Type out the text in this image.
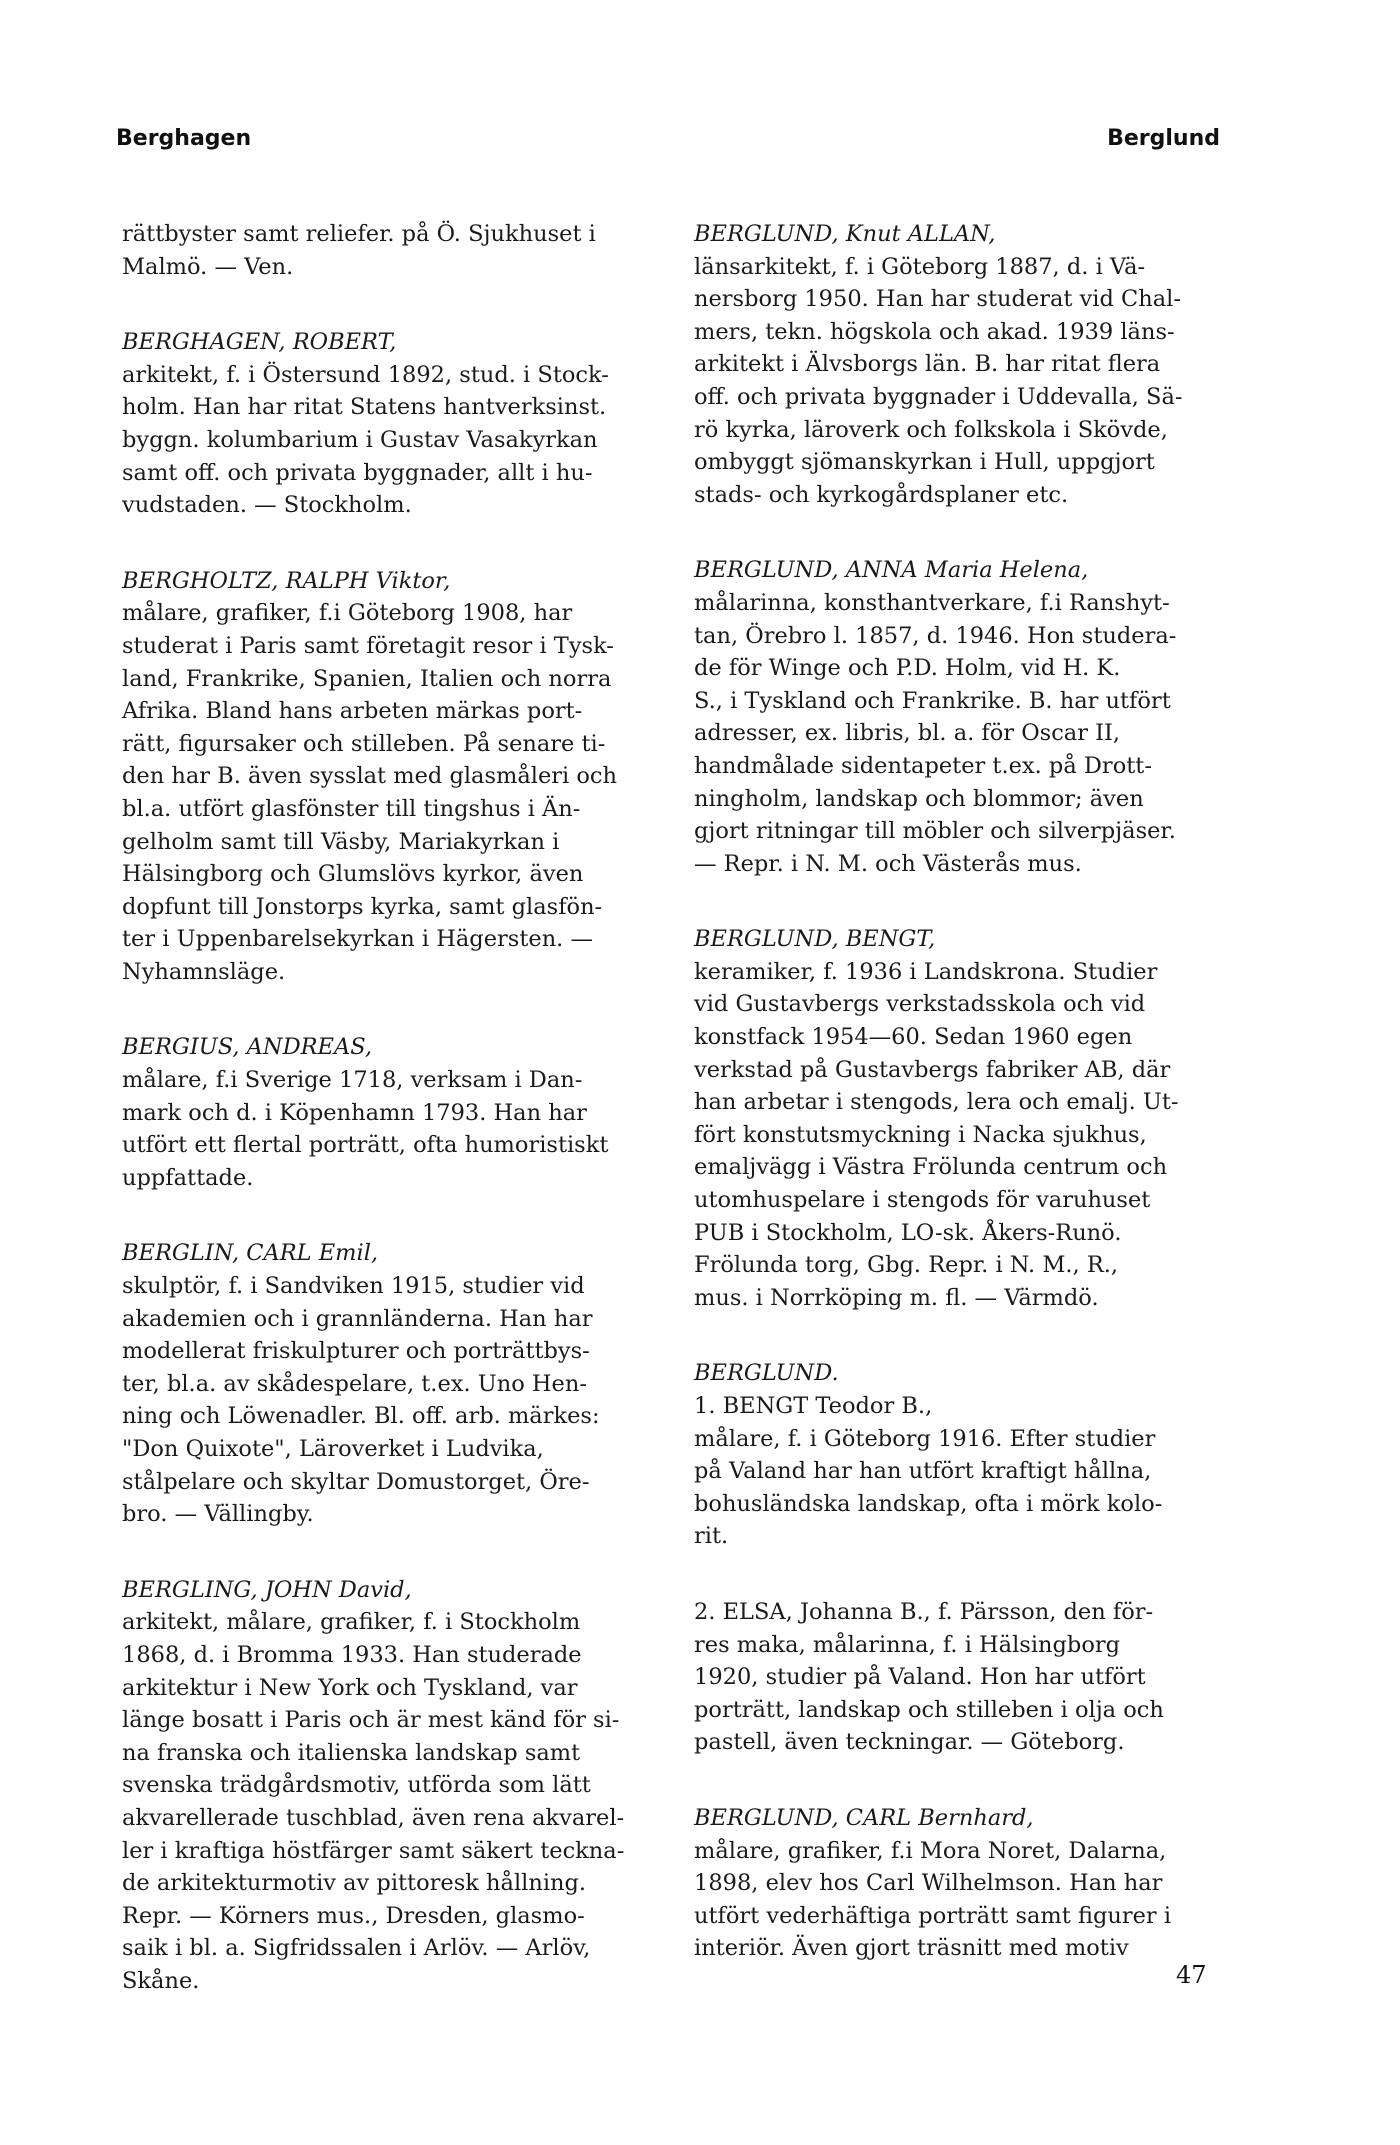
Berghagen	Berglund
rättbyster samt reliefer. på Ö. Sjukhuset i
Malmö. — Ven.
BERGHAGEN, ROBERT,
arkitekt, f. i Östersund 1892, stud. i Stock-
holm. Han har ritat Statens hantverksinst.
byggn. kolumbarium i Gustav Vasakyrkan
samt off. och privata byggnader, allt i hu-
vudstaden. — Stockholm.
BERGHOLTZ, RALPH Viktor,
målare, grafiker, f.i Göteborg 1908, har
studerat i Paris samt företagit resor i Tysk-
land, Frankrike, Spanien, Italien och norra
Afrika. Bland hans arbeten märkas port-
rätt, figursaker och stilleben. På senare ti-
den har B. även sysslat med glasmåleri och
bl.a. utfört glasfönster till tingshus i Än-
gelholm samt till Väsby, Mariakyrkan i
Hälsingborg och Glumslövs kyrkor, även
dopfunt till Jonstorps kyrka, samt glasfön-
ter i Uppenbarelsekyrkan i Hägersten. —
Nyhamnsläge.
BERGIUS, ANDREAS,
målare, f.i Sverige 1718, verksam i Dan-
mark och d. i Köpenhamn 1793. Han har
utfört ett flertal porträtt, ofta humoristiskt
uppfattade.
BERGLIN, CARL Emil,
skulptör, f. i Sandviken 1915, studier vid
akademien och i grannländerna. Han har
modellerat friskulpturer och porträttbys-
ter, bl.a. av skådespelare, t.ex. Uno Hen-
ning och Löwenadler. Bl. off. arb. märkes:
"Don Quixote", Läroverket i Ludvika,
stålpelare och skyltar Domustorget, Öre-
bro. — Vällingby.
BERGLING, JOHN David,
arkitekt, målare, grafiker, f. i Stockholm
1868, d. i Bromma 1933. Han studerade
arkitektur i New York och Tyskland, var
länge bosatt i Paris och är mest känd för si-
na franska och italienska landskap samt
svenska trädgårdsmotiv, utförda som lätt
akvarellerade tuschblad, även rena akvarel-
ler i kraftiga höstfärger samt säkert teckna-
de arkitekturmotiv av pittoresk hållning.
Repr. — Körners mus., Dresden, glasmo-
saik i bl. a. Sigfridssalen i Arlöv. — Arlöv,
Skåne.
BERGLUND, Knut ALLAN,
länsarkitekt, f. i Göteborg 1887, d. i Vä-
nersborg 1950. Han har studerat vid Chal-
mers, tekn. högskola och akad. 1939 läns-
arkitekt i Älvsborgs län. B. har ritat flera
off. och privata byggnader i Uddevalla, Sä-
rö kyrka, läroverk och folkskola i Skövde,
ombyggt sjömanskyrkan i Hull, uppgjort
stads- och kyrkogårdsplaner etc.
BERGLUND, ANNA Maria Helena,
målarinna, konsthantverkare, f.i Ranshyt-
tan, Örebro l. 1857, d. 1946. Hon studera-
de för Winge och P.D. Holm, vid H. K.
S., i Tyskland och Frankrike. B. har utfört
adresser, ex. libris, bl. a. för Oscar II,
handmålade sidentapeter t.ex. på Drott-
ningholm, landskap och blommor; även
gjort ritningar till möbler och silverpjäser.
— Repr. i N. M. och Västerås mus.
BERGLUND, BENGT,
keramiker, f. 1936 i Landskrona. Studier
vid Gustavbergs verkstadsskola och vid
konstfack 1954—60. Sedan 1960 egen
verkstad på Gustavbergs fabriker AB, där
han arbetar i stengods, lera och emalj. Ut-
fört konstutsmyckning i Nacka sjukhus,
emaljvägg i Västra Frölunda centrum och
utomhuspelare i stengods för varuhuset
PUB i Stockholm, LO-sk. Åkers-Runö.
Frölunda torg, Gbg. Repr. i N. M., R.,
mus. i Norrköping m. fl. — Värmdö.
BERGLUND.
1. BENGT Teodor B.,
målare, f. i Göteborg 1916. Efter studier
på Valand har han utfört kraftigt hållna,
bohusländska landskap, ofta i mörk kolo-
rit.
2. ELSA, Johanna B., f. Pärsson, den för-
res maka, målarinna, f. i Hälsingborg
1920, studier på Valand. Hon har utfört
porträtt, landskap och stilleben i olja och
pastell, även teckningar. — Göteborg.
BERGLUND, CARL Bernhard,
målare, grafiker, f.i Mora Noret, Dalarna,
1898, elev hos Carl Wilhelmson. Han har
utfört vederhäftiga porträtt samt figurer i
interiör. Även gjort träsnitt med motiv
47
